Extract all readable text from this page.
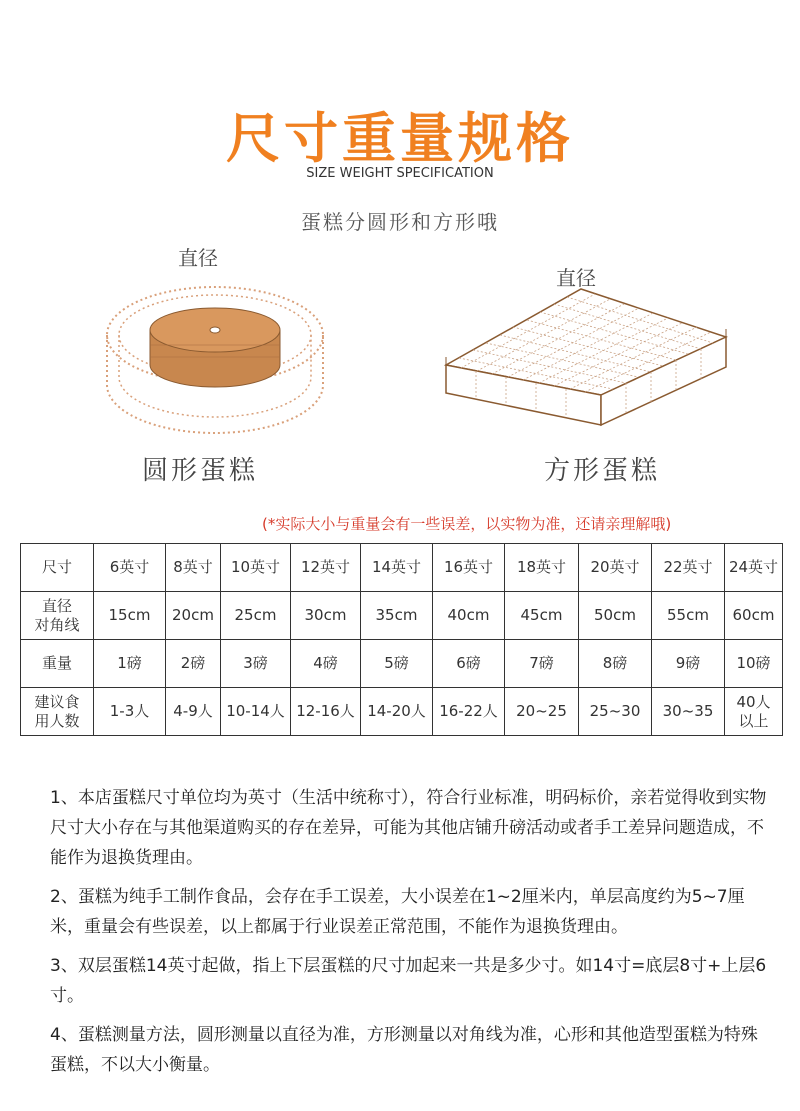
尺寸重量规格
SIZE WEIGHT SPECIFICATION
蛋糕分圆形和方形哦
直径
圆形蛋糕
直径
方形蛋糕
(*实际大小与重量会有一些误差，以实物为准，还请亲理解哦)
尺寸	6英寸	8英寸	10英寸	12英寸	14英寸	16英寸	18英寸	20英寸	22英寸	24英寸
直径
对角线	15cm	20cm	25cm	30cm	35cm	40cm	45cm	50cm	55cm	60cm
重量	1磅	2磅	3磅	4磅	5磅	6磅	7磅	8磅	9磅	10磅
建议食
用人数	1-3人	4-9人	10-14人	12-16人	14-20人	16-22人	20~25	25~30	30~35	40人
以上

1、本店蛋糕尺寸单位均为英寸（生活中统称寸），符合行业标准，明码标价，亲若觉得收到实物尺寸大小存在与其他渠道购买的存在差异，可能为其他店铺升磅活动或者手工差异问题造成，不能作为退换货理由。

2、蛋糕为纯手工制作食品，会存在手工误差，大小误差在1~2厘米内，单层高度约为5~7厘米，重量会有些误差，以上都属于行业误差正常范围，不能作为退换货理由。

3、双层蛋糕14英寸起做，指上下层蛋糕的尺寸加起来一共是多少寸。如14寸=底层8寸+上层6寸。

4、蛋糕测量方法，圆形测量以直径为准，方形测量以对角线为准，心形和其他造型蛋糕为特殊蛋糕，不以大小衡量。
